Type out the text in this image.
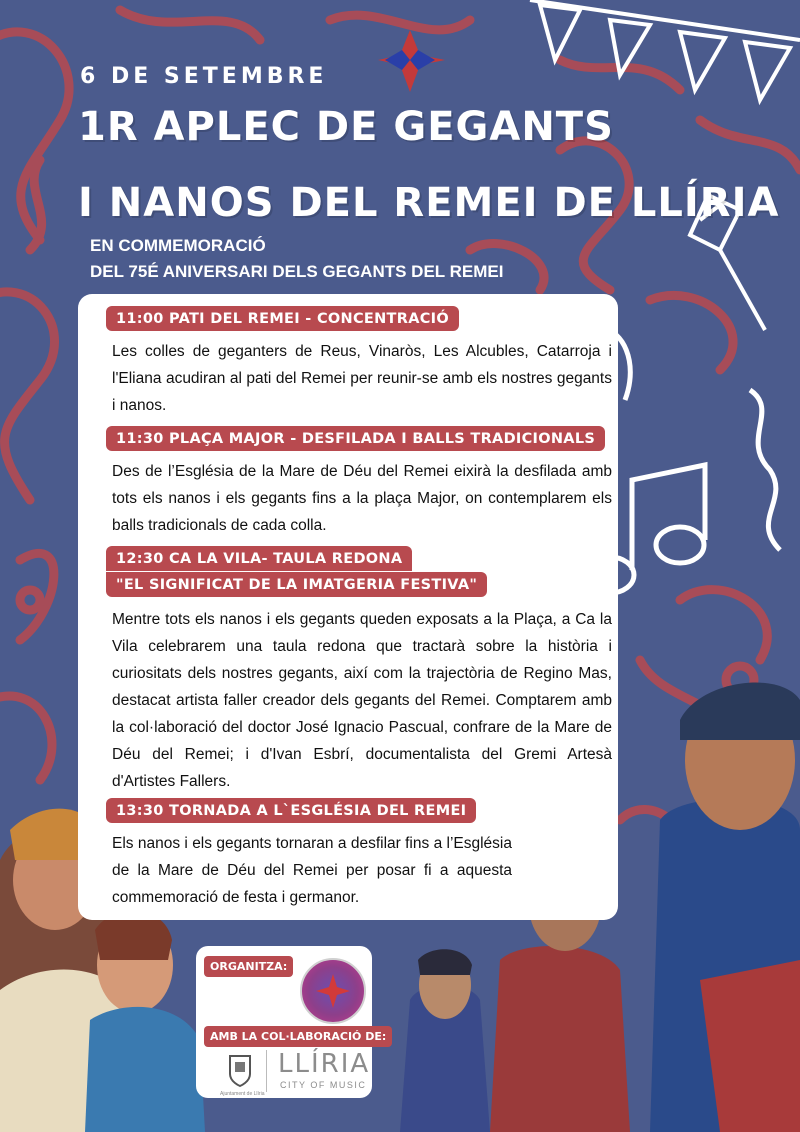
6 DE SETEMBRE
1R APLEC DE GEGANTS
I NANOS DEL REMEI DE LLÍRIA
EN COMMEMORACIÓ
DEL 75É ANIVERSARI DELS GEGANTS DEL REMEI
11:00 PATI DEL REMEI - CONCENTRACIÓ
Les colles de geganters de Reus, Vinaròs, Les Alcubles, Catarroja i l'Eliana acudiran al pati del Remei per reunir-se amb els nostres gegants i nanos.
11:30 PLAÇA MAJOR - DESFILADA I BALLS TRADICIONALS
Des de l’Església de la Mare de Déu del Remei eixirà la desfilada amb tots els nanos i els gegants fins a la plaça Major, on contemplarem els balls tradicionals de cada colla.
12:30 CA LA VILA- TAULA REDONA
"EL SIGNIFICAT DE LA IMATGERIA FESTIVA"
Mentre tots els nanos i els gegants queden exposats a la Plaça, a Ca la Vila celebrarem una taula redona que tractarà sobre la història i curiositats dels nostres gegants, així com la trajectòria de Regino Mas, destacat artista faller creador dels gegants del Remei. Comptarem amb la col·laboració del doctor José Ignacio Pascual, confrare de la Mare de Déu del Remei; i d'Ivan Esbrí, documentalista del Gremi Artesà d'Artistes Fallers.
13:30 TORNADA A L`ESGLÉSIA DEL REMEI
Els nanos i els gegants tornaran a desfilar fins a l’Església de la Mare de Déu del Remei per posar fi a aquesta commemoració de festa i germanor.
ORGANITZA:
AMB LA COL·LABORACIÓ DE:
Ajuntament de Llíria
LLÍRIA
CITY OF MUSIC
